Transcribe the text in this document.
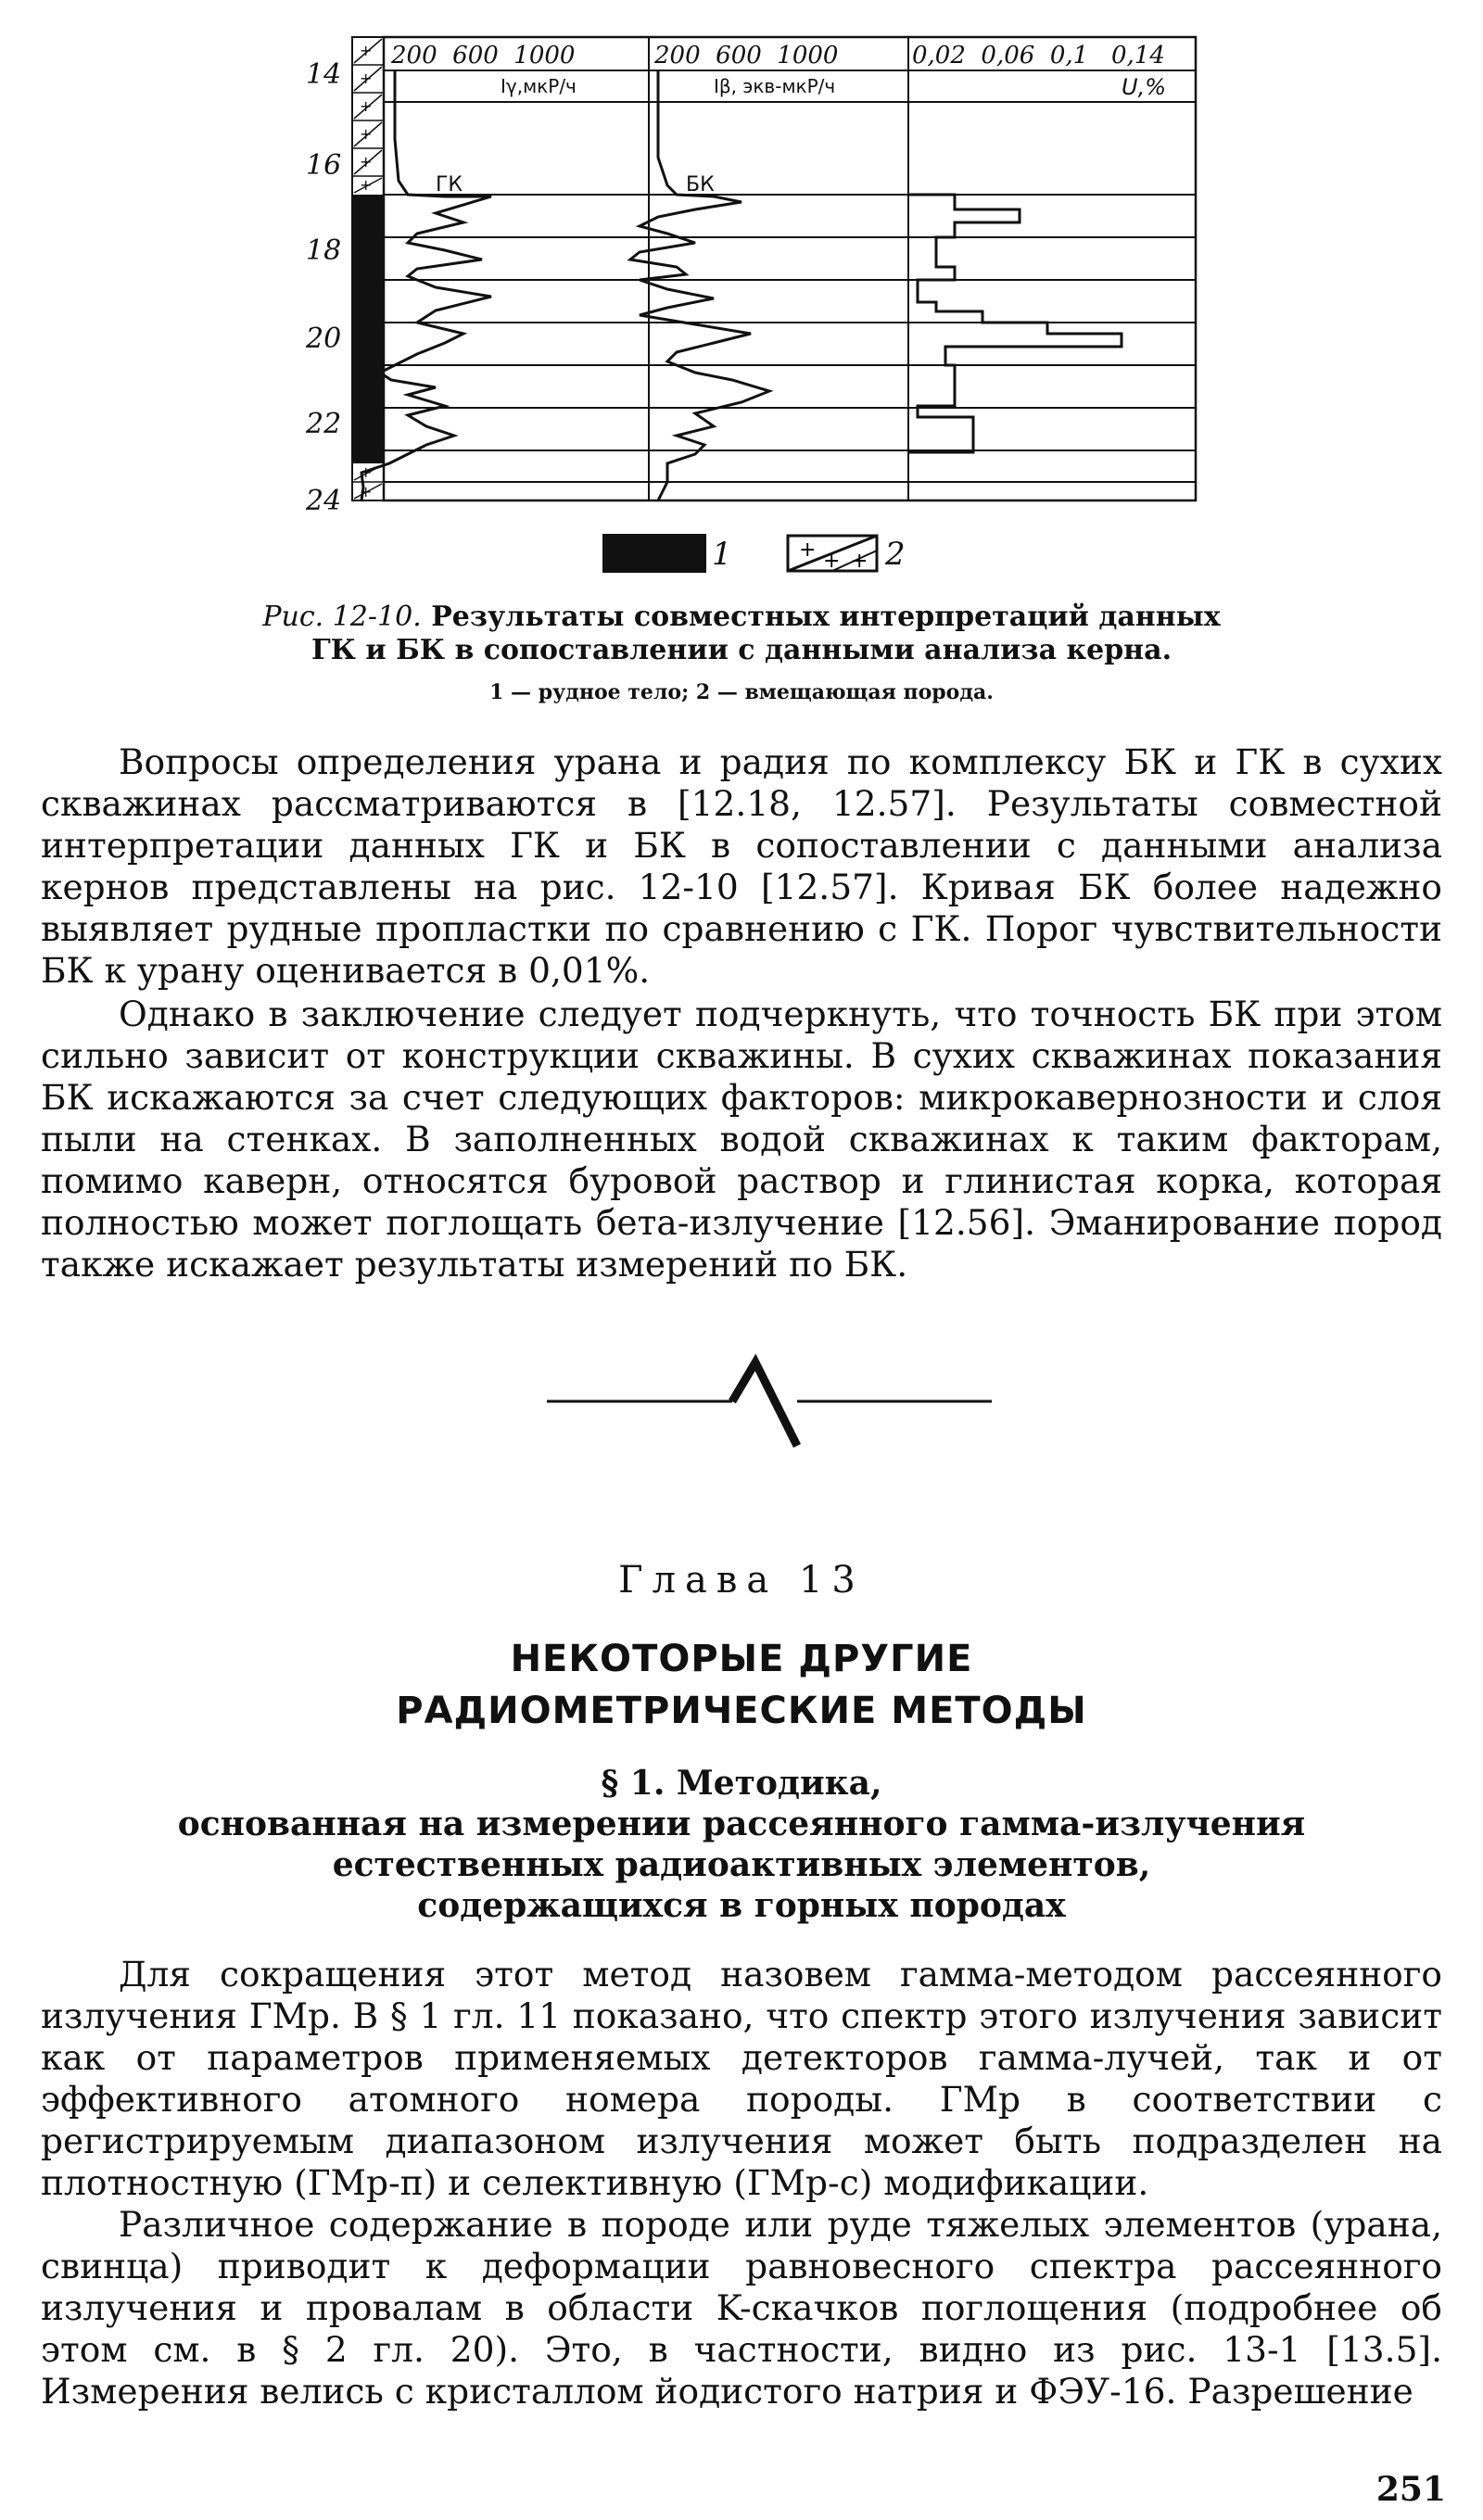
14
16
18
20
22
24
+
+
+
+
+
+
+
+
200  600  1000	200  600  1000	0,02  0,06  0,1   0,14
Iγ,мкР/ч	Iβ, экв-мкР/ч	U,%
ГК	БК
1	+ + + 2
Рис. 12-10. Результаты совместных интерпретаций данных
ГК и БК в сопоставлении с данными анализа керна.
1 — рудное тело; 2 — вмещающая порода.

Вопросы определения урана и радия по комплексу БК и ГК в сухих скважинах рассматриваются в [12.18, 12.57]. Результаты совместной интерпретации данных ГК и БК в сопоставлении с данными анализа кернов представлены на рис. 12-10 [12.57]. Кривая БК более надежно выявляет рудные пропластки по сравнению с ГК. Порог чувствительности БК к урану оценивается в 0,01%.

Однако в заключение следует подчеркнуть, что точность БК при этом сильно зависит от конструкции скважины. В сухих скважинах показания БК искажаются за счет следующих факторов: микрокавернозности и слоя пыли на стенках. В заполненных водой скважинах к таким факторам, помимо каверн, относятся буровой раствор и глинистая корка, которая полностью может поглощать бета-излучение [12.56]. Эманирование пород также искажает результаты измерений по БК.

Глава 13
НЕКОТОРЫЕ ДРУГИЕ
РАДИОМЕТРИЧЕСКИЕ МЕТОДЫ
§ 1. Методика,
основанная на измерении рассеянного гамма-излучения
естественных радиоактивных элементов,
содержащихся в горных породах

Для сокращения этот метод назовем гамма-методом рассеянного излучения ГМр. В § 1 гл. 11 показано, что спектр этого излучения зависит как от параметров применяемых детекторов гамма-лучей, так и от эффективного атомного номера породы. ГМр в соответствии с регистрируемым диапазоном излучения может быть подразделен на плотностную (ГМр-п) и селективную (ГМр-с) модификации.

Различное содержание в породе или руде тяжелых элементов (урана, свинца) приводит к деформации равновесного спектра рассеянного излучения и провалам в области K-скачков поглощения (подробнее об этом см. в § 2 гл. 20). Это, в частности, видно из рис. 13-1 [13.5]. Измерения велись с кристаллом йодистого натрия и ФЭУ-16. Разрешение

251
